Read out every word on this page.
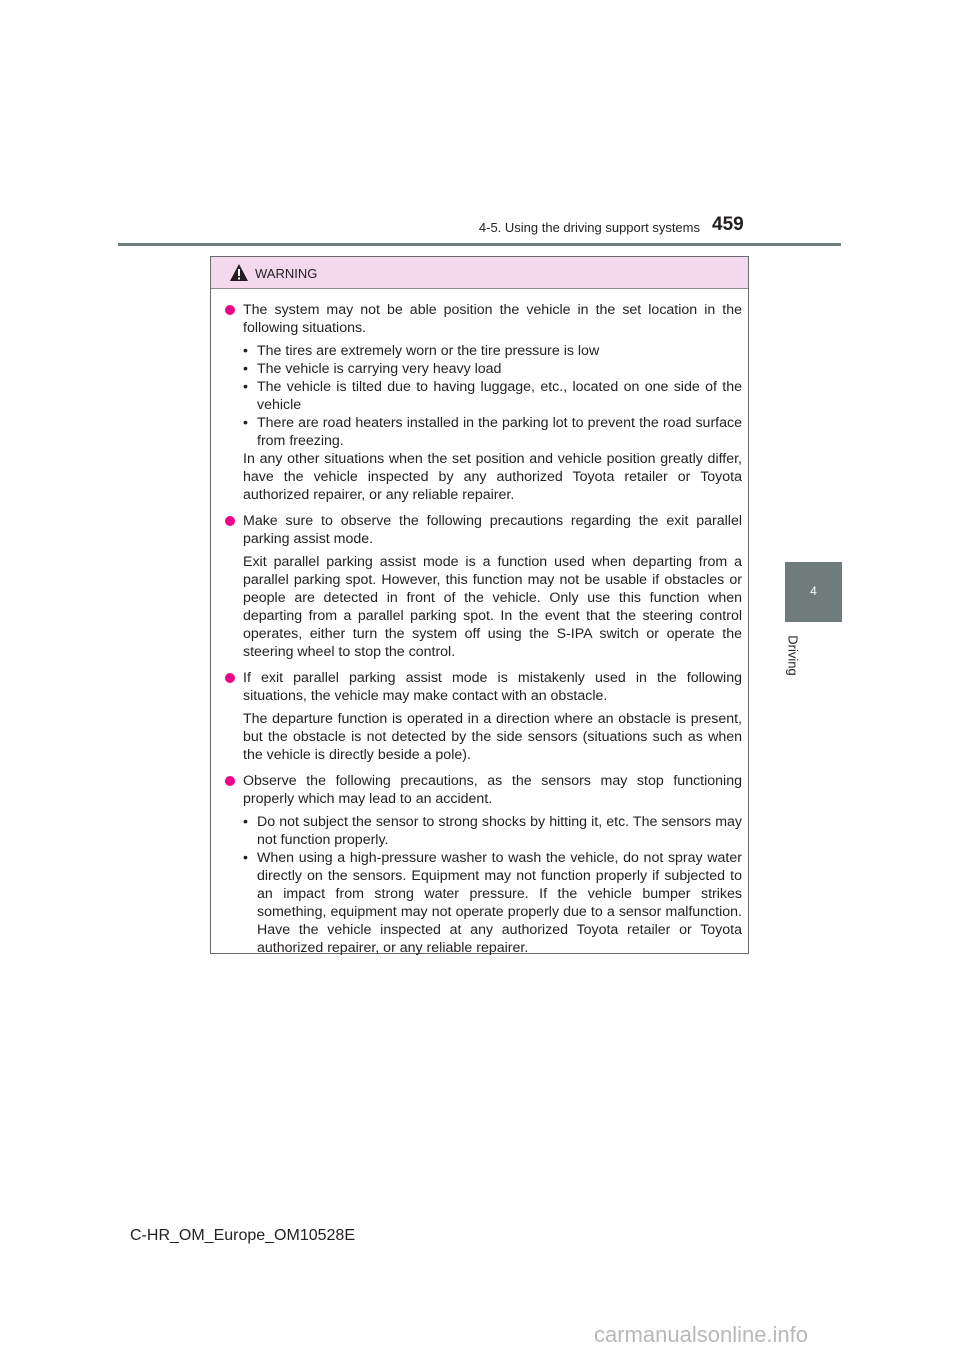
4-5. Using the driving support systems 459
4
Driving
WARNING

The system may not be able position the vehicle in the set location in the following situations.

• The tires are extremely worn or the tire pressure is low
• The vehicle is carrying very heavy load
• The vehicle is tilted due to having luggage, etc., located on one side of the vehicle
• There are road heaters installed in the parking lot to prevent the road surface from freezing.

In any other situations when the set position and vehicle position greatly differ, have the vehicle inspected by any authorized Toyota retailer or Toyota authorized repairer, or any reliable repairer.

Make sure to observe the following precautions regarding the exit parallel parking assist mode.

Exit parallel parking assist mode is a function used when departing from a parallel parking spot. However, this function may not be usable if obstacles or people are detected in front of the vehicle. Only use this function when departing from a parallel parking spot. In the event that the steering control operates, either turn the system off using the S-IPA switch or operate the steering wheel to stop the control.

If exit parallel parking assist mode is mistakenly used in the following situations, the vehicle may make contact with an obstacle.

The departure function is operated in a direction where an obstacle is present, but the obstacle is not detected by the side sensors (situations such as when the vehicle is directly beside a pole).

Observe the following precautions, as the sensors may stop functioning properly which may lead to an accident.

• Do not subject the sensor to strong shocks by hitting it, etc. The sensors may not function properly.
• When using a high-pressure washer to wash the vehicle, do not spray water directly on the sensors. Equipment may not function properly if subjected to an impact from strong water pressure. If the vehicle bumper strikes something, equipment may not operate properly due to a sensor malfunction. Have the vehicle inspected at any authorized Toyota retailer or Toyota authorized repairer, or any reliable repairer.
C-HR_OM_Europe_OM10528E
carmanualsonline.info
